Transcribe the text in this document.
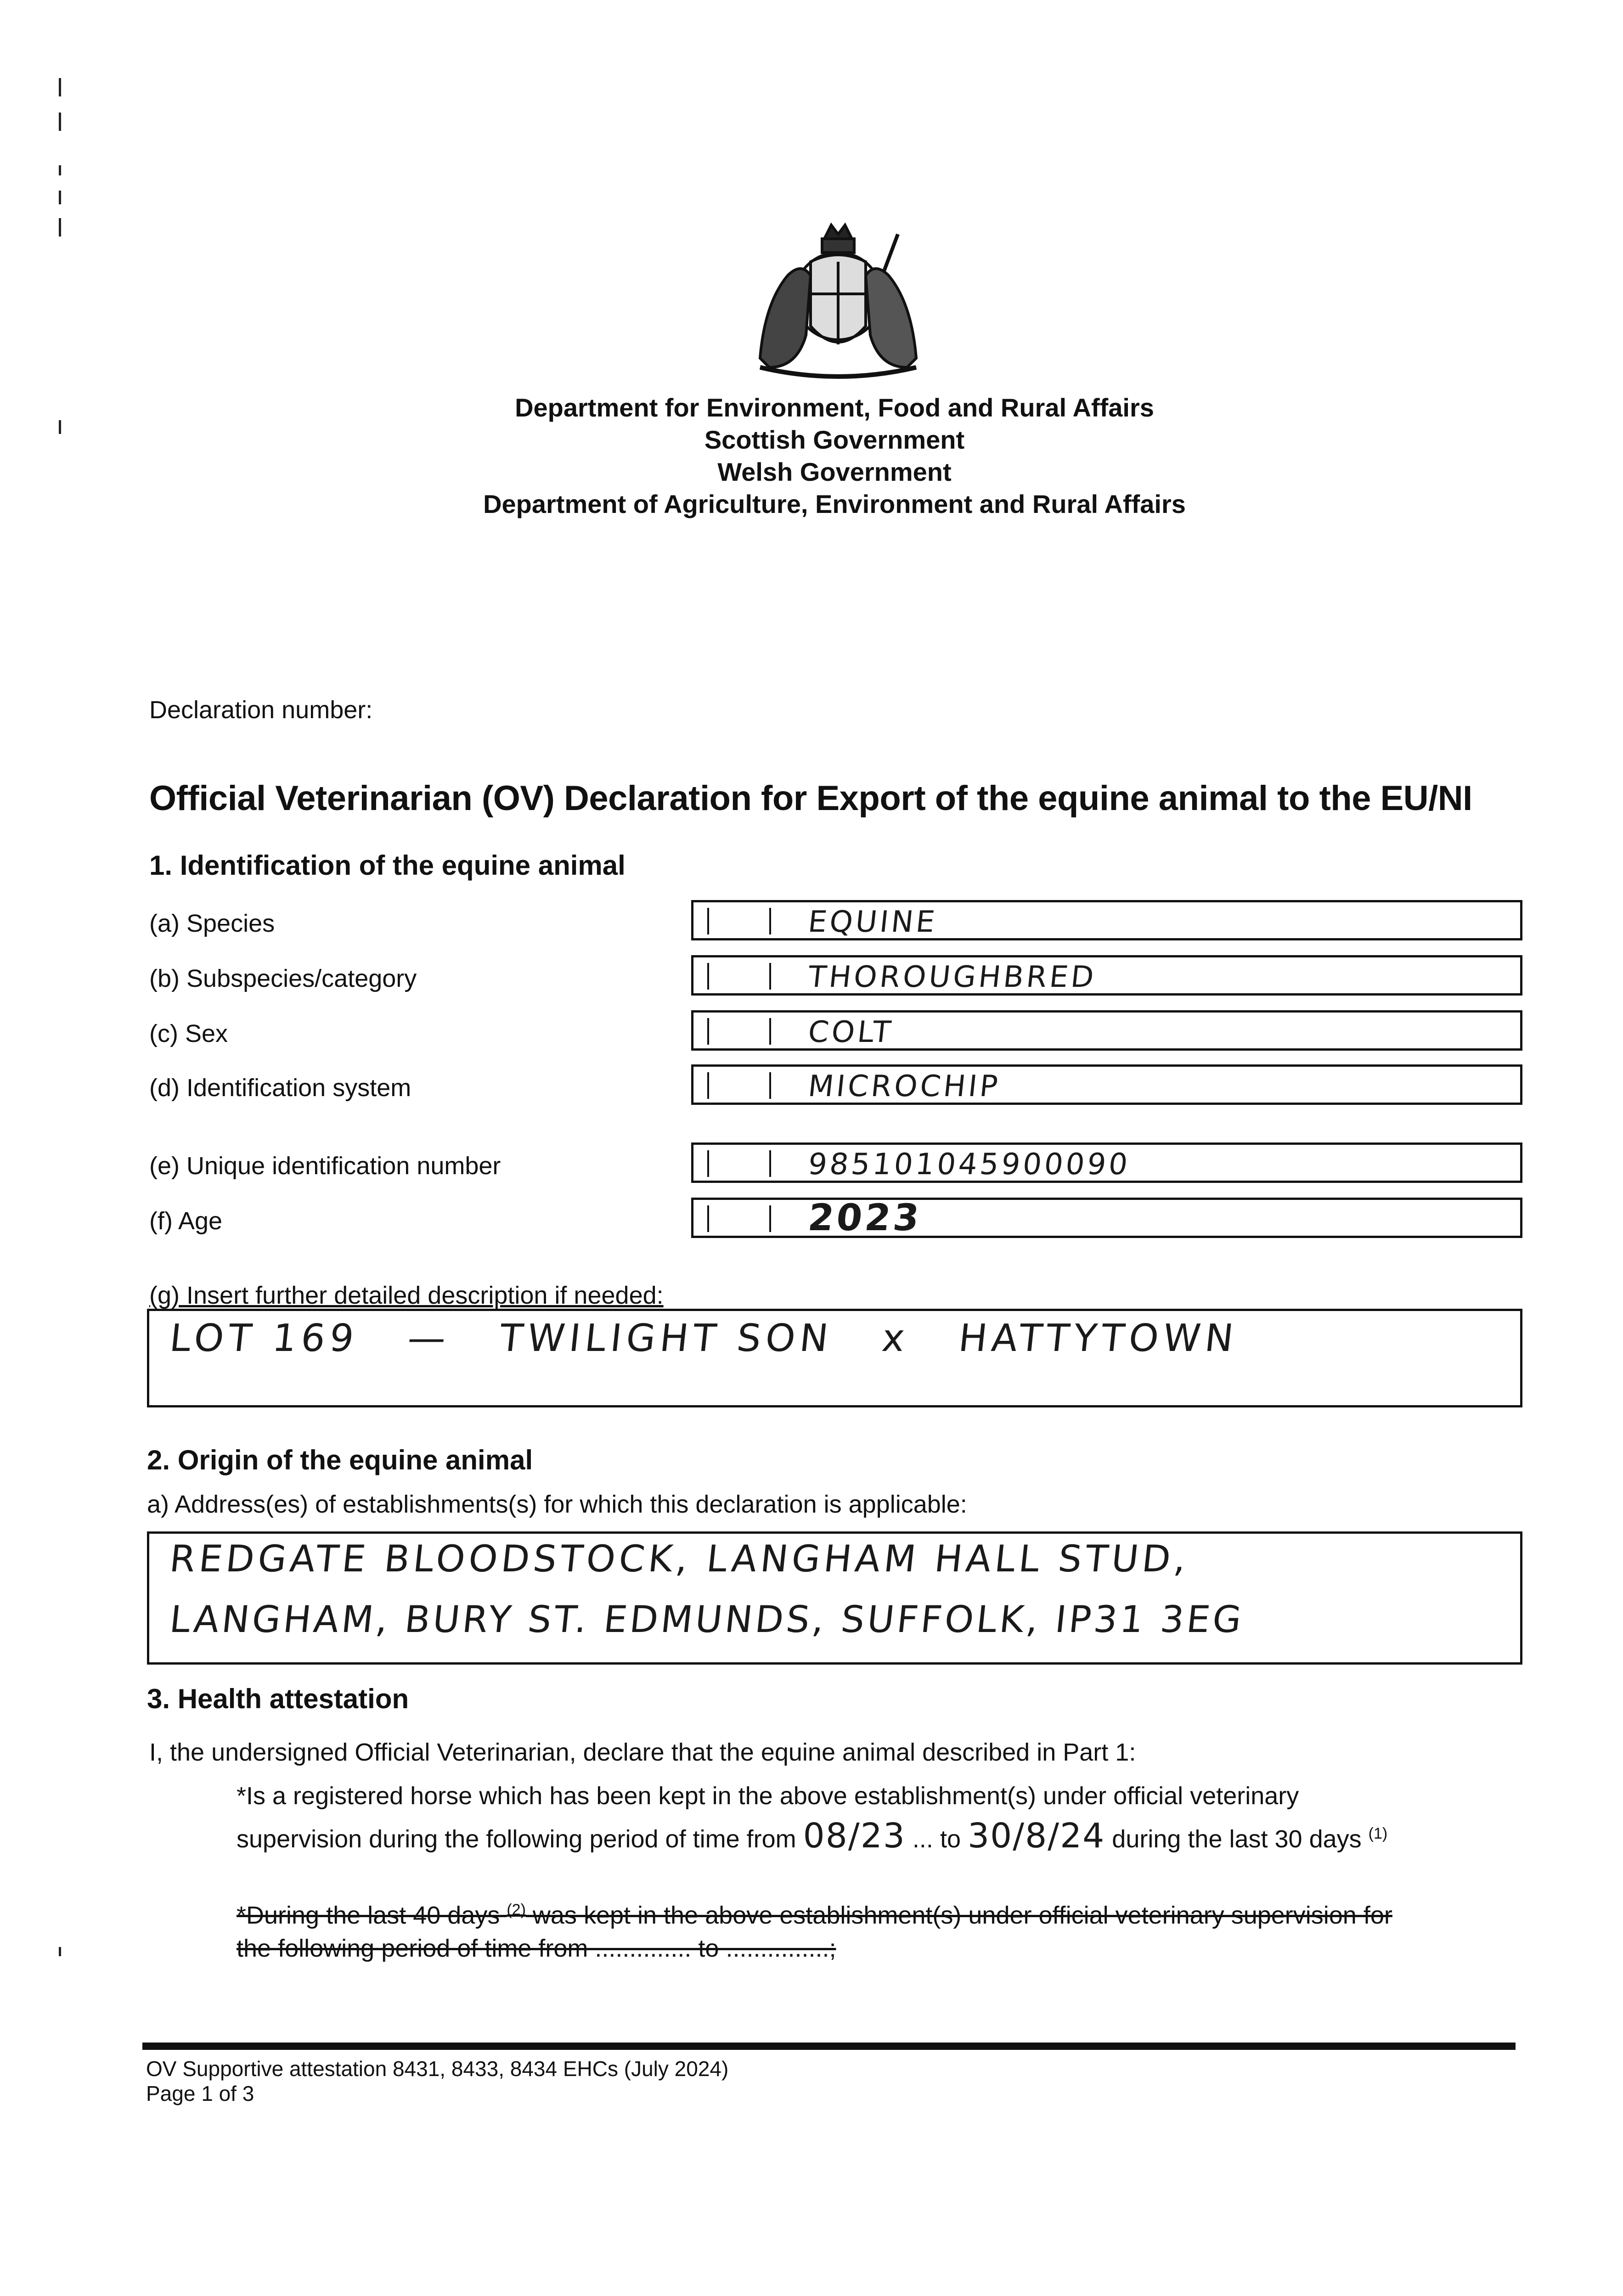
Department for Environment, Food and Rural Affairs
Scottish Government
Welsh Government
Department of Agriculture, Environment and Rural Affairs
Declaration number:
Official Veterinarian (OV) Declaration for Export of the equine animal to the EU/NI
1. Identification of the equine animal
(a) Species	EQUINE
(b) Subspecies/category	THOROUGHBRED
(c) Sex	COLT
(d) Identification system	MICROCHIP
(e) Unique identification number	985101045900090
(f) Age	2023
(g) Insert further detailed description if needed:
LOT 169   —   TWILIGHT SON   x   HATTYTOWN
2. Origin of the equine animal
a) Address(es) of establishments(s) for which this declaration is applicable:
REDGATE BLOODSTOCK, LANGHAM HALL STUD,
LANGHAM, BURY ST. EDMUNDS, SUFFOLK, IP31 3EG
3. Health attestation
I, the undersigned Official Veterinarian, declare that the equine animal described in Part 1:
*Is a registered horse which has been kept in the above establishment(s) under official veterinary
supervision during the following period of time from 08/23 ... to 30/8/24 during the last 30 days $^{(1)}$
*During the last 40 days $^{(2)}$ was kept in the above establishment(s) under official veterinary supervision for
the following period of time from .............. to ...............;
OV Supportive attestation 8431, 8433, 8434 EHCs (July 2024)
Page 1 of 3
